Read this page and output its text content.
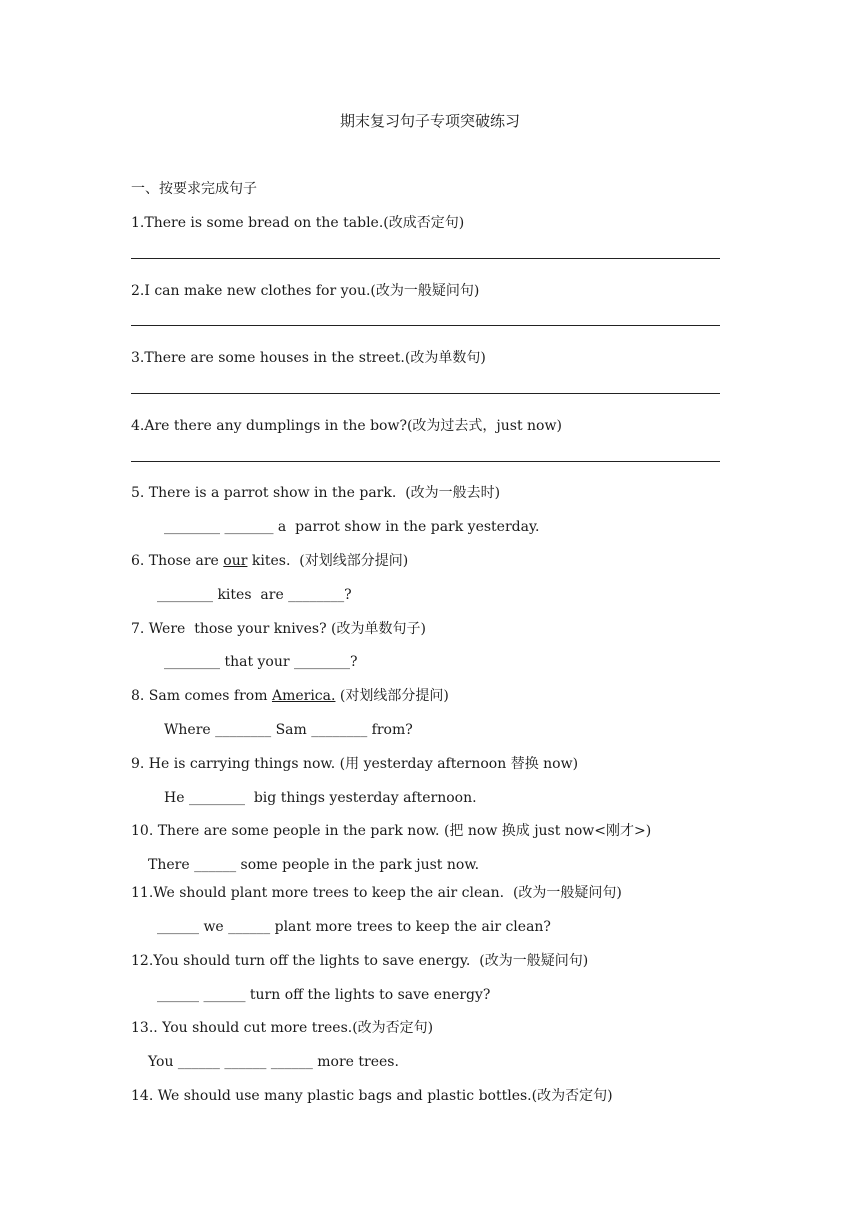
期末复习句子专项突破练习
一、按要求完成句子
1.There is some bread on the table.(改成否定句)
2.I can make new clothes for you.(改为一般疑问句)
3.There are some houses in the street.(改为单数句)
4.Are there any dumplings in the bow?(改为过去式，just now)
5. There is a parrot show in the park.  (改为一般去时)
________ _______ a  parrot show in the park yesterday.
6. Those are our kites.  (对划线部分提问)
________ kites  are ________?
7. Were  those your knives? (改为单数句子)
________ that your ________?
8. Sam comes from America. (对划线部分提问)
Where ________ Sam ________ from?
9. He is carrying things now. (用 yesterday afternoon 替换 now)
He ________  big things yesterday afternoon.
10. There are some people in the park now. (把 now 换成 just now<刚才>)
There ______ some people in the park just now.
11.We should plant more trees to keep the air clean.  (改为一般疑问句)
______ we ______ plant more trees to keep the air clean?
12.You should turn off the lights to save energy.  (改为一般疑问句)
______ ______ turn off the lights to save energy?
13.. You should cut more trees.(改为否定句)
You ______ ______ ______ more trees.
14. We should use many plastic bags and plastic bottles.(改为否定句)
